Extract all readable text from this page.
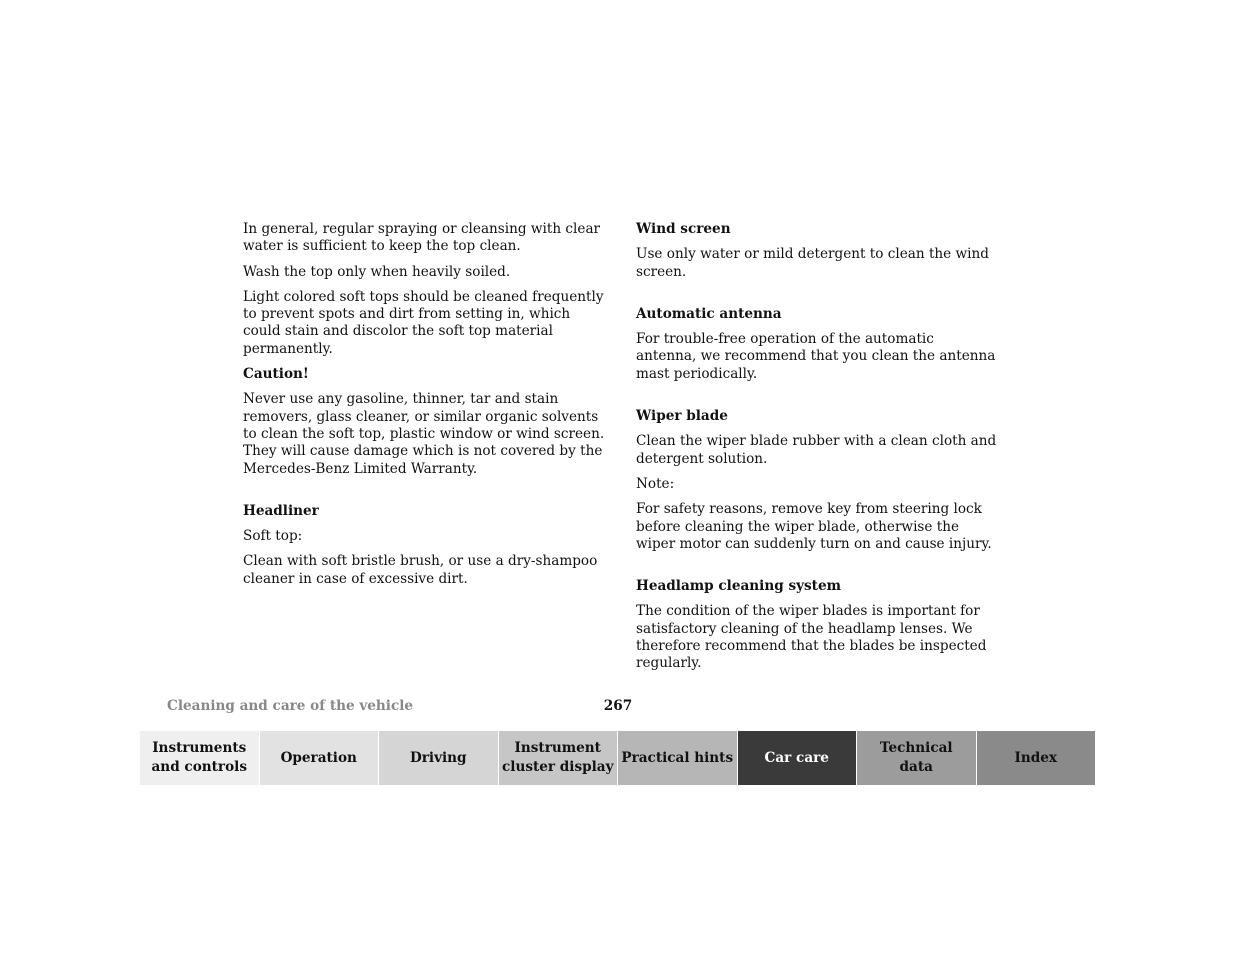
In general, regular spraying or cleansing with clear water is sufficient to keep the top clean.

Wash the top only when heavily soiled.

Light colored soft tops should be cleaned frequently to prevent spots and dirt from setting in, which could stain and discolor the soft top material permanently.

Caution!

Never use any gasoline, thinner, tar and stain removers, glass cleaner, or similar organic solvents to clean the soft top, plastic window or wind screen. They will cause damage which is not covered by the Mercedes-Benz Limited Warranty.

Headliner

Soft top:

Clean with soft bristle brush, or use a dry-shampoo cleaner in case of excessive dirt.

Wind screen

Use only water or mild detergent to clean the wind screen.

Automatic antenna

For trouble-free operation of the automatic antenna, we recommend that you clean the antenna mast periodically.

Wiper blade

Clean the wiper blade rubber with a clean cloth and detergent solution.

Note:

For safety reasons, remove key from steering lock before cleaning the wiper blade, otherwise the wiper motor can suddenly turn on and cause injury.

Headlamp cleaning system

The condition of the wiper blades is important for satisfactory cleaning of the headlamp lenses. We therefore recommend that the blades be inspected regularly.

Cleaning and care of the vehicle	267
Instruments
and controls
Operation	Driving
Instrument
cluster display
Practical hints	Car care
Technical
data
Index
